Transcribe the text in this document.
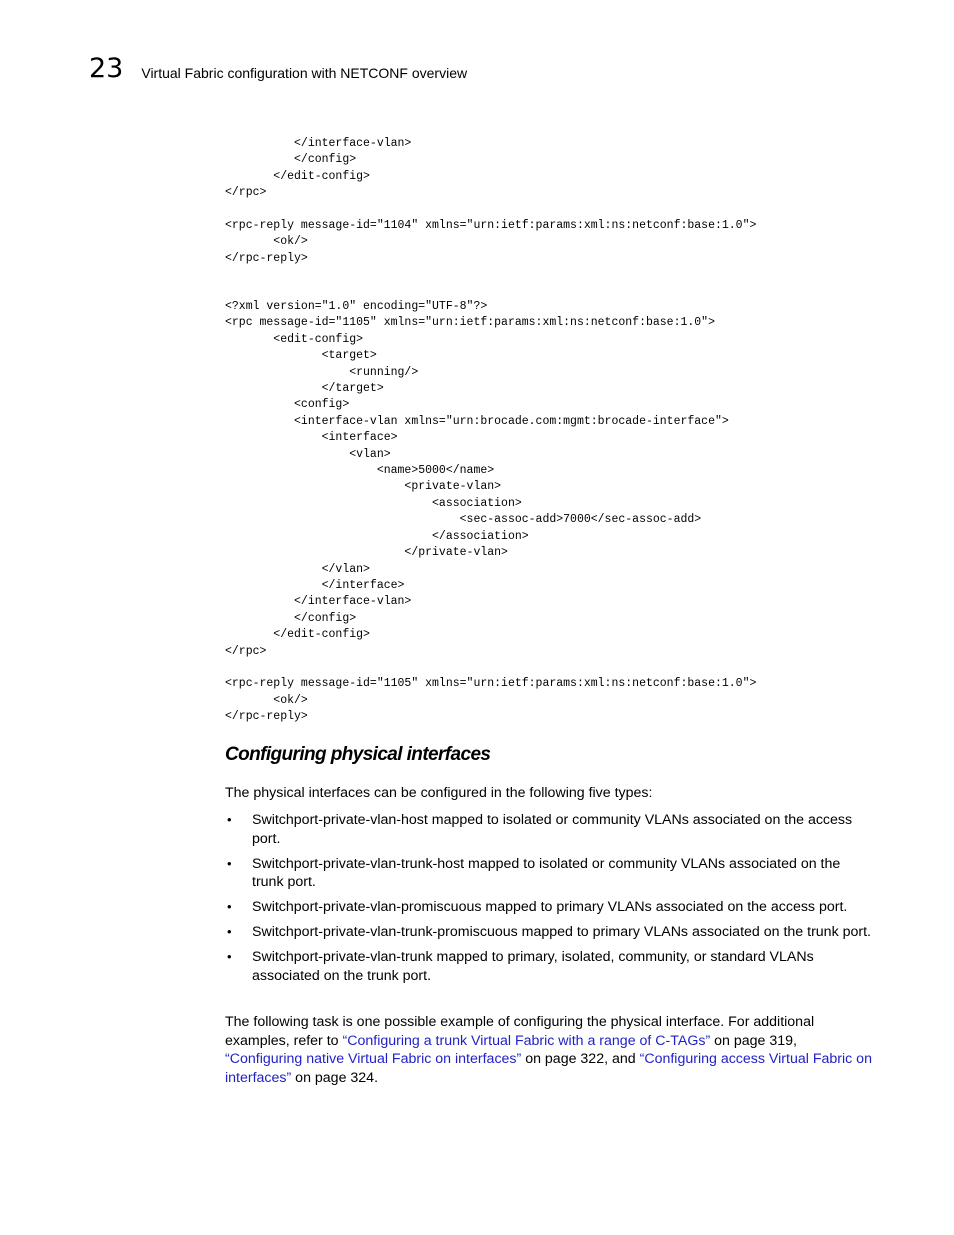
23 Virtual Fabric configuration with NETCONF overview
</interface-vlan>
</config>
</edit-config>
</rpc>

<rpc-reply message-id="1104" xmlns="urn:ietf:params:xml:ns:netconf:base:1.0">
<ok/>
</rpc-reply>
<?xml version="1.0" encoding="UTF-8"?>
<rpc message-id="1105" xmlns="urn:ietf:params:xml:ns:netconf:base:1.0">
<edit-config>
<target>
<running/>
</target>
<config>
<interface-vlan xmlns="urn:brocade.com:mgmt:brocade-interface">
<interface>
<vlan>
<name>5000</name>
<private-vlan>
<association>
<sec-assoc-add>7000</sec-assoc-add>
</association>
</private-vlan>
</vlan>
</interface>
</interface-vlan>
</config>
</edit-config>
</rpc>

<rpc-reply message-id="1105" xmlns="urn:ietf:params:xml:ns:netconf:base:1.0">
<ok/>
</rpc-reply>
Configuring physical interfaces

The physical interfaces can be configured in the following five types:

• Switchport-private-vlan-host mapped to isolated or community VLANs associated on the access port.
• Switchport-private-vlan-trunk-host mapped to isolated or community VLANs associated on the trunk port.
• Switchport-private-vlan-promiscuous mapped to primary VLANs associated on the access port.
• Switchport-private-vlan-trunk-promiscuous mapped to primary VLANs associated on the trunk port.
• Switchport-private-vlan-trunk mapped to primary, isolated, community, or standard VLANs associated on the trunk port.

The following task is one possible example of configuring the physical interface. For additional examples, refer to “Configuring a trunk Virtual Fabric with a range of C-TAGs” on page 319, “Configuring native Virtual Fabric on interfaces” on page 322, and “Configuring access Virtual Fabric on interfaces” on page 324.
